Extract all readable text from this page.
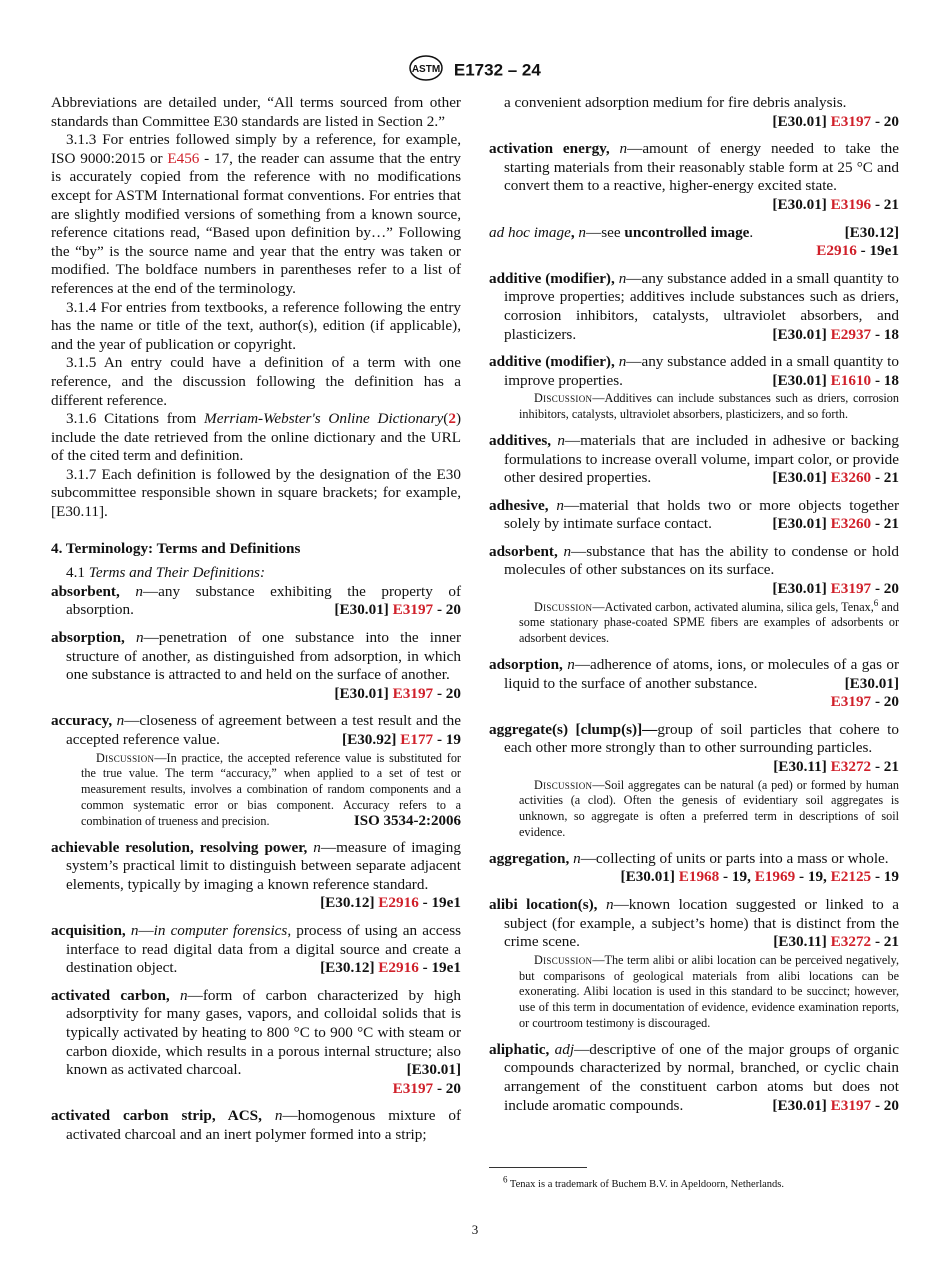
ASTM E1732 – 24

Abbreviations are detailed under, “All terms sourced from other standards than Committee E30 standards are listed in Section 2.”

3.1.3 For entries followed simply by a reference, for example, ISO 9000:2015 or E456 - 17, the reader can assume that the entry is accurately copied from the reference with no modifications except for ASTM International format conventions. For entries that are slightly modified versions of something from a known source, reference citations read, “Based upon definition by…” Following the “by” is the source name and year that the entry was taken or modified. The boldface numbers in parentheses refer to a list of references at the end of the terminology.

3.1.4 For entries from textbooks, a reference following the entry has the name or title of the text, author(s), edition (if applicable), and the year of publication or copyright.

3.1.5 An entry could have a definition of a term with one reference, and the discussion following the definition has a different reference.

3.1.6 Citations from Merriam-Webster's Online Dictionary(2) include the date retrieved from the online dictionary and the URL of the cited term and definition.

3.1.7 Each definition is followed by the designation of the E30 subcommittee responsible shown in square brackets; for example, [E30.11].

4. Terminology: Terms and Definitions

4.1 Terms and Their Definitions:

absorbent, n—any substance exhibiting the property of absorption.	[E30.01] E3197 - 20
absorption, n—penetration of one substance into the inner structure of another, as distinguished from adsorption, in which one substance is attracted to and held on the surface of another.
[E30.01] E3197 - 20
accuracy, n—closeness of agreement between a test result and the accepted reference value.	[E30.92] E177 - 19

Discussion—In practice, the accepted reference value is substituted for the true value. The term “accuracy,” when applied to a set of test or measurement results, involves a combination of random components and a common systematic error or bias component. Accuracy refers to a combination of trueness and precision.	ISO 3534-2:2006

achievable resolution, resolving power, n—measure of imaging system’s practical limit to distinguish between separate adjacent elements, typically by imaging a known reference standard.
[E30.12] E2916 - 19e1
acquisition, n—in computer forensics, process of using an access interface to read digital data from a digital source and create a destination object.	[E30.12] E2916 - 19e1
activated carbon, n—form of carbon characterized by high adsorptivity for many gases, vapors, and colloidal solids that is typically activated by heating to 800 °C to 900 °C with steam or carbon dioxide, which results in a porous internal structure; also known as activated charcoal.	[E30.01]
E3197 - 20
activated carbon strip, ACS, n—homogenous mixture of activated charcoal and an inert polymer formed into a strip;

a convenient adsorption medium for fire debris analysis.
[E30.01] E3197 - 20

activation energy, n—amount of energy needed to take the starting materials from their reasonably stable form at 25 °C and convert them to a reactive, higher-energy excited state.
[E30.01] E3196 - 21
ad hoc image, n—see uncontrolled image.	[E30.12]
E2916 - 19e1
additive (modifier), n—any substance added in a small quantity to improve properties; additives include substances such as driers, corrosion inhibitors, catalysts, ultraviolet absorbers, and plasticizers.	[E30.01] E2937 - 18
additive (modifier), n—any substance added in a small quantity to improve properties.	[E30.01] E1610 - 18

Discussion—Additives can include substances such as driers, corrosion inhibitors, catalysts, ultraviolet absorbers, plasticizers, and so forth.

additives, n—materials that are included in adhesive or backing formulations to increase overall volume, impart color, or provide other desired properties.	[E30.01] E3260 - 21
adhesive, n—material that holds two or more objects together solely by intimate surface contact.	[E30.01] E3260 - 21
adsorbent, n—substance that has the ability to condense or hold molecules of other substances on its surface.
[E30.01] E3197 - 20

Discussion—Activated carbon, activated alumina, silica gels, Tenax,$^6$ and some stationary phase-coated SPME fibers are examples of adsorbents or adsorbent devices.

adsorption, n—adherence of atoms, ions, or molecules of a gas or liquid to the surface of another substance.	[E30.01]
E3197 - 20
aggregate(s) [clump(s)]—group of soil particles that cohere to each other more strongly than to other surrounding particles.
[E30.11] E3272 - 21

Discussion—Soil aggregates can be natural (a ped) or formed by human activities (a clod). Often the genesis of evidentiary soil aggregates is unknown, so aggregate is often a preferred term in descriptions of soil evidence.

aggregation, n—collecting of units or parts into a mass or whole.
[E30.01] E1968 - 19, E1969 - 19, E2125 - 19
alibi location(s), n—known location suggested or linked to a subject (for example, a subject’s home) that is distinct from the crime scene.	[E30.11] E3272 - 21

Discussion—The term alibi or alibi location can be perceived negatively, but comparisons of geological materials from alibi locations can be exonerating. Alibi location is used in this standard to be succinct; however, use of this term in documentation of evidence, evidence examination reports, or courtroom testimony is discouraged.

aliphatic, adj—descriptive of one of the major groups of organic compounds characterized by normal, branched, or cyclic chain arrangement of the constituent carbon atoms but does not include aromatic compounds.	[E30.01] E3197 - 20

$^6$ Tenax is a trademark of Buchem B.V. in Apeldoorn, Netherlands.

3
